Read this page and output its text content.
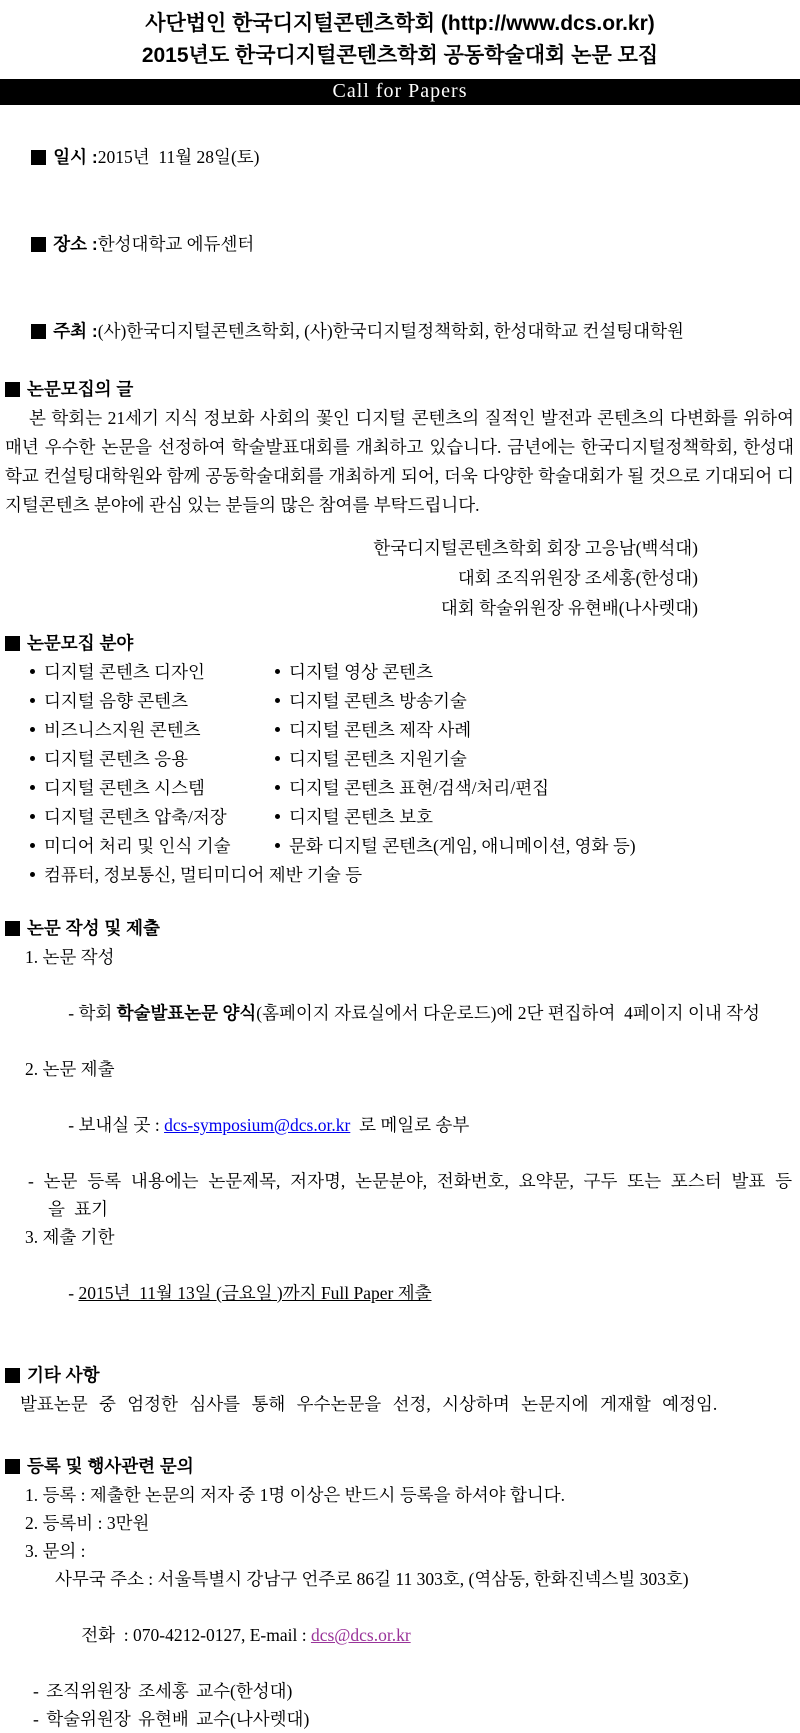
사단법인 한국디지털콘텐츠학회 (http://www.dcs.or.kr)
2015년도 한국디지털콘텐츠학회 공동학술대회 논문 모집
Call for Papers

일시 :2015년  11월 28일(토)

장소 :한성대학교 에듀센터

주최 :(사)한국디지털콘텐츠학회, (사)한국디지털정책학회, 한성대학교 컨설팅대학원

논문모집의 글
본 학회는 21세기 지식 정보화 사회의 꽃인 디지털 콘텐츠의 질적인 발전과 콘텐츠의 다변화를 위하여 매년 우수한 논문을 선정하여 학술발표대회를 개최하고 있습니다. 금년에는 한국디지털정책학회, 한성대학교 컨설팅대학원와 함께 공동학술대회를 개최하게 되어, 더욱 다양한 학술대회가 될 것으로 기대되어 디지털콘텐츠 분야에 관심 있는 분들의 많은 참여를 부탁드립니다.
한국디지털콘텐츠학회 회장 고응남(백석대)
대회 조직위원장 조세홍(한성대)
대회 학술위원장 유현배(나사렛대)
논문모집 분야
디지털 콘텐츠 디자인	디지털 영상 콘텐츠
디지털 음향 콘텐츠	디지털 콘텐츠 방송기술
비즈니스지원 콘텐츠	디지털 콘텐츠 제작 사례
디지털 콘텐츠 응용	디지털 콘텐츠 지원기술
디지털 콘텐츠 시스템	디지털 콘텐츠 표현/검색/처리/편집
디지털 콘텐츠 압축/저장	디지털 콘텐츠 보호
미디어 처리 및 인식 기술	문화 디지털 콘텐츠(게임, 애니메이션, 영화 등)
컴퓨터, 정보통신, 멀티미디어 제반 기술 등
논문 작성 및 제출
1. 논문 작성

- 학회 학술발표논문 양식(홈페이지 자료실에서 다운로드)에 2단 편집하여  4페이지 이내 작성

2. 논문 제출

- 보내실 곳 : dcs-symposium@dcs.or.kr  로 메일로 송부

- 논문 등록 내용에는 논문제목, 저자명, 논문분야, 전화번호, 요약문, 구두 또는 포스터 발표 등을 표기
3. 제출 기한

- 2015년  11월 13일 (금요일 )까지 Full Paper 제출

기타 사항
발표논문 중 엄정한 심사를 통해 우수논문을 선정, 시상하며 논문지에 게재할 예정임.
등록 및 행사관련 문의
1. 등록 : 제출한 논문의 저자 중 1명 이상은 반드시 등록을 하셔야 합니다.
2. 등록비 : 3만원
3. 문의 :
사무국 주소 : 서울특별시 강남구 언주로 86길 11 303호, (역삼동, 한화진넥스빌 303호)

전화  : 070-4212-0127, E-mail : dcs@dcs.or.kr

- 조직위원장 조세홍 교수(한성대)
- 학술위원장 유현배 교수(나사렛대)
